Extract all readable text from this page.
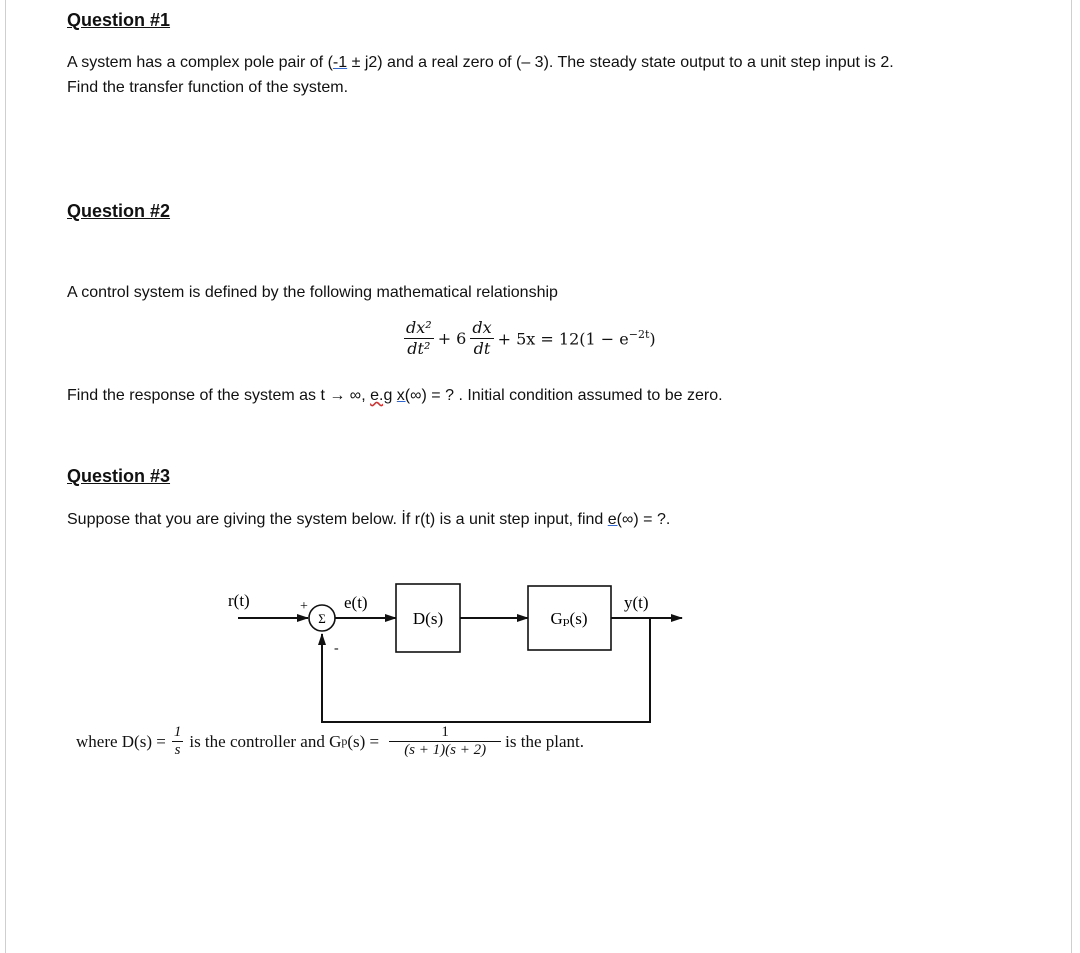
Question #1
A system has a complex pole pair of (-1 ± j2) and a real zero of (– 3). The steady state output to a unit step input is 2.
Find the transfer function of the system.
Question #2
A control system is defined by the following mathematical relationship
$\frac{\text{dx²}}{\text{dt²}} + 6 \frac{dx}{dt} + 5x = 12(1 - e^{-2t})$
Find the response of the system as t → ∞, e.g x(∞) = ? . Initial condition assumed to be zero.
Question #3
Suppose that you are giving the system below. İf r(t) is a unit step input, find e(∞) = ?.
Σ
+
-
r(t)	e(t)
D(s)	Gₚ(s)
y(t)
where $D(s) = \frac{1}{s}$ is the controller and G p $(s) = \frac{1}{(s + 1)(s + 2)}$ is the plant.
